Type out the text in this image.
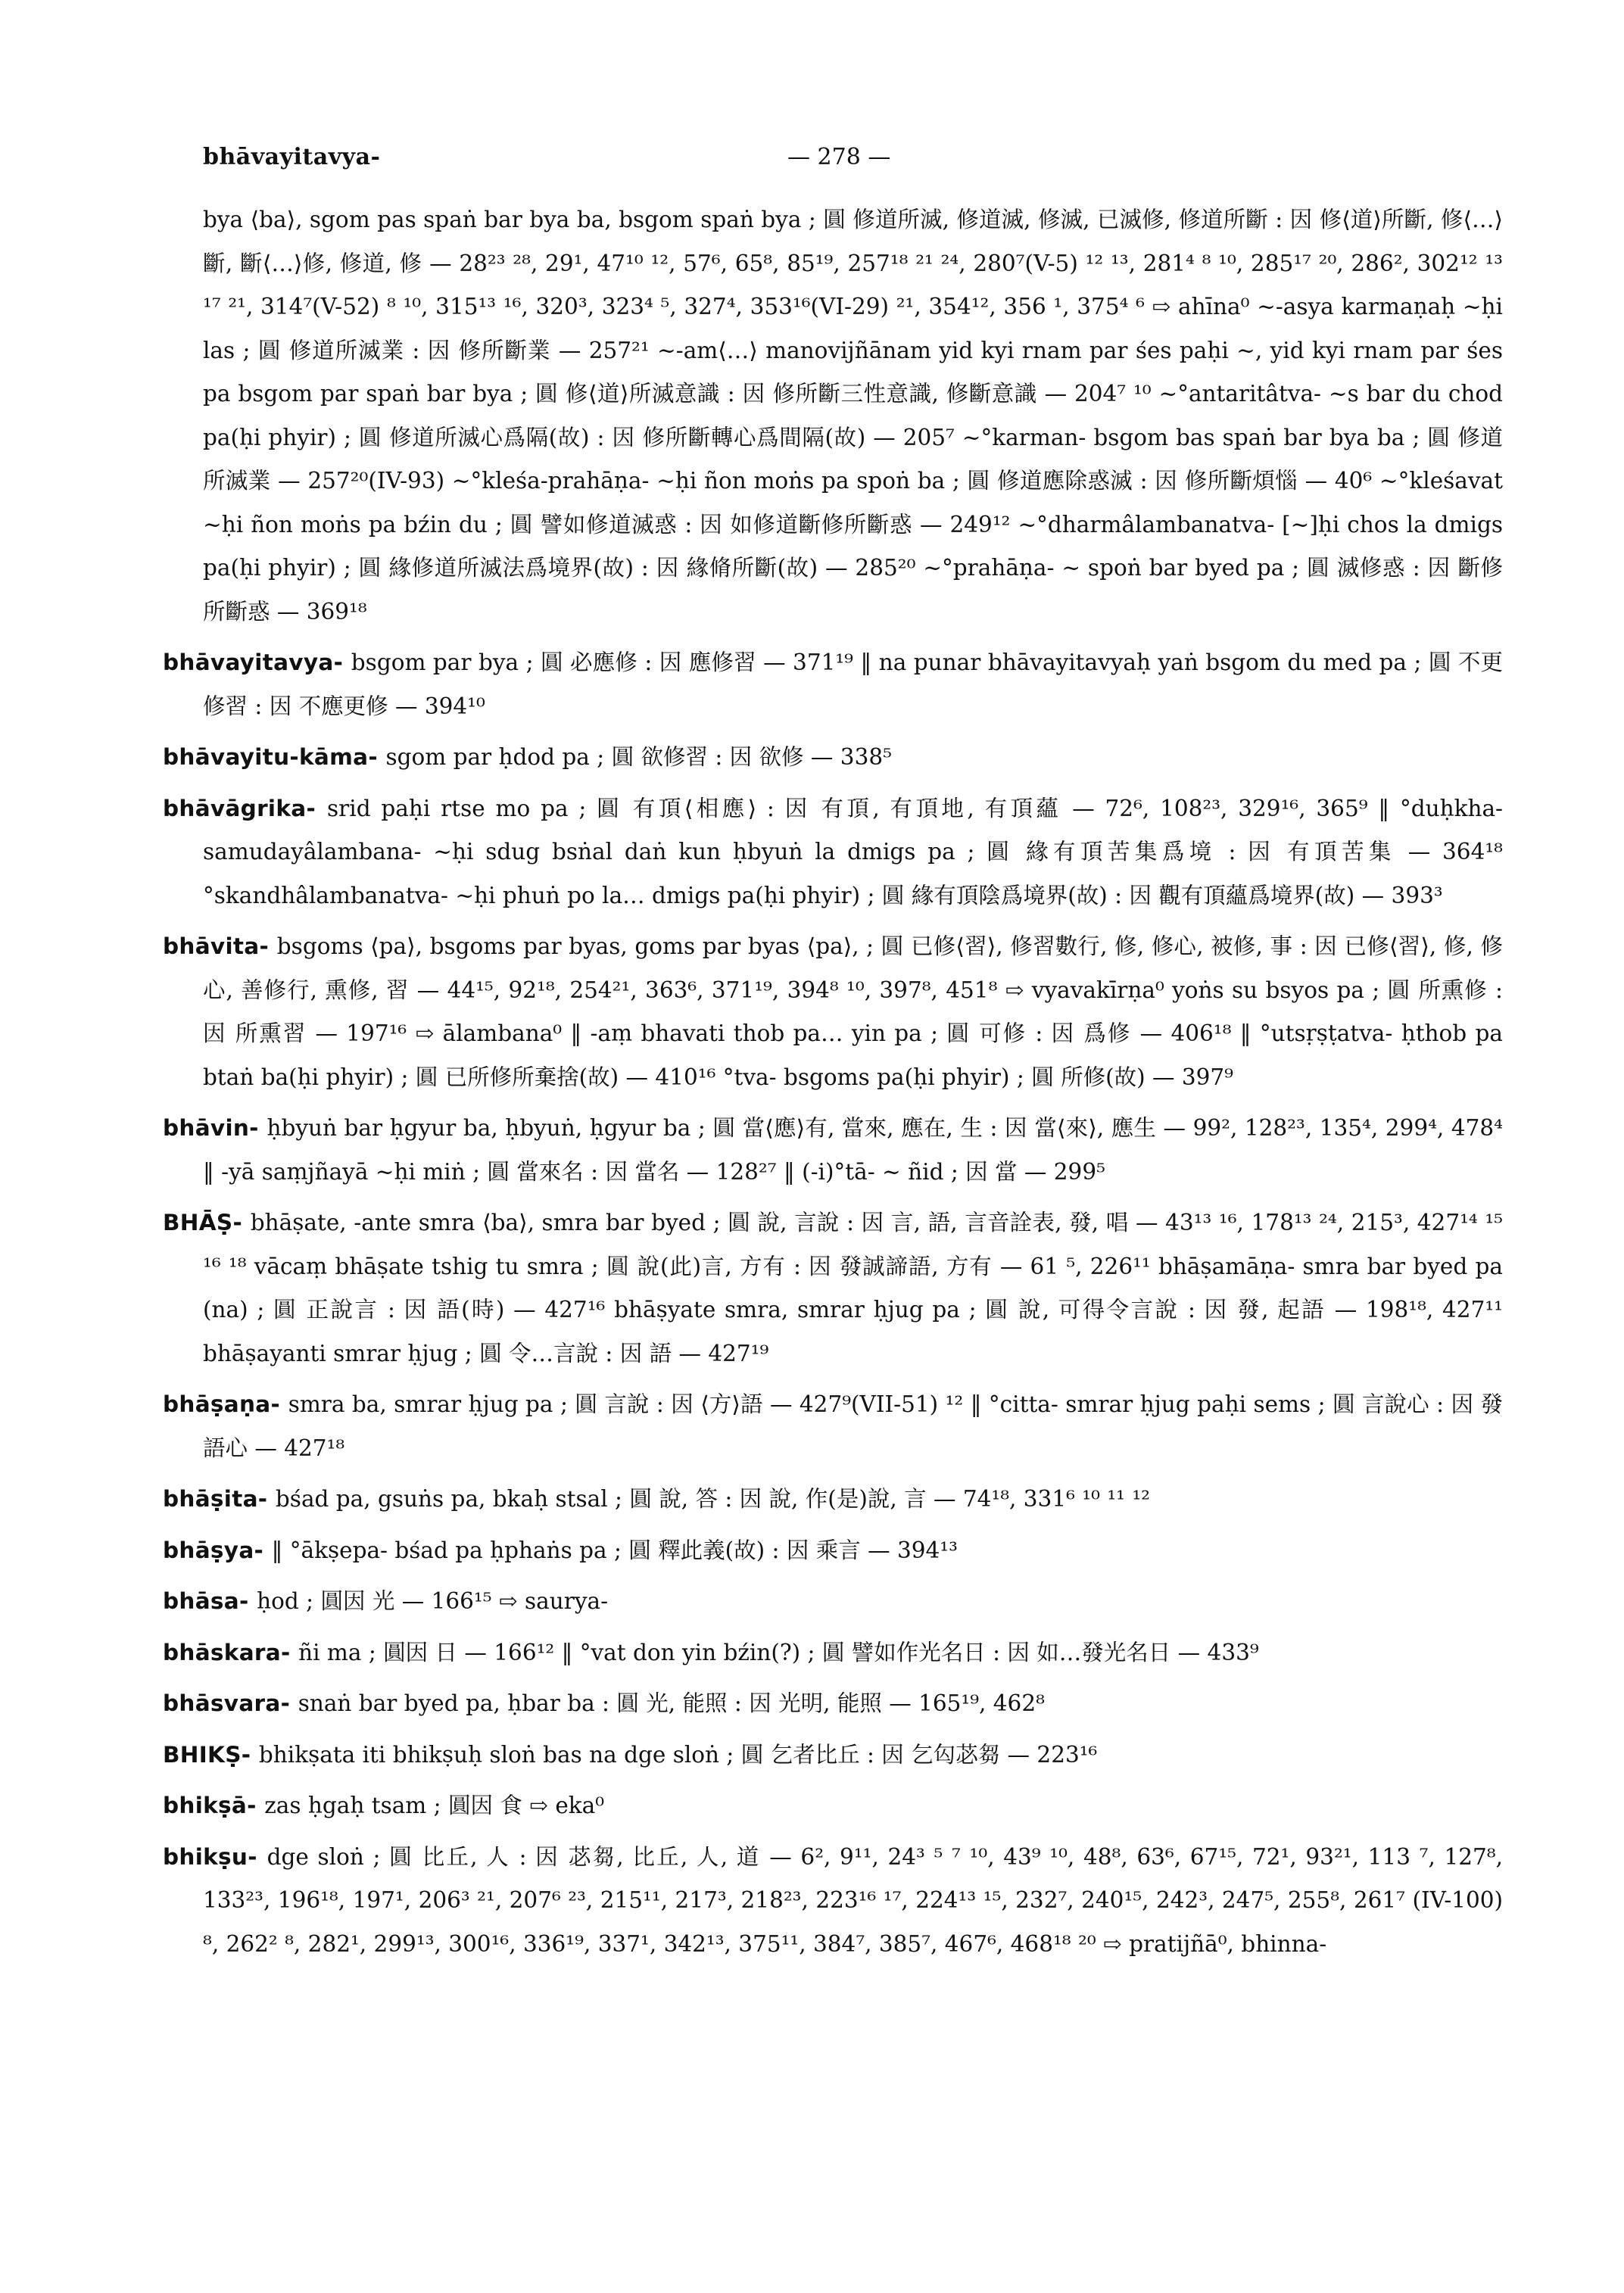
bhāvayitavya-	— 278 —

bya ⟨ba⟩, sgom pas spaṅ bar bya ba, bsgom spaṅ bya ; 圓 修道所滅, 修道滅, 修滅, 已滅修, 修道所斷 : 因 修⟨道⟩所斷, 修⟨…⟩斷, 斷⟨…⟩修, 修道, 修 — 28²³ ²⁸, 29¹, 47¹⁰ ¹², 57⁶, 65⁸, 85¹⁹, 257¹⁸ ²¹ ²⁴, 280⁷(V-5) ¹² ¹³, 281⁴ ⁸ ¹⁰, 285¹⁷ ²⁰, 286², 302¹² ¹³ ¹⁷ ²¹, 314⁷(V-52) ⁸ ¹⁰, 315¹³ ¹⁶, 320³, 323⁴ ⁵, 327⁴, 353¹⁶(VI-29) ²¹, 354¹², 356 ¹, 375⁴ ⁶ ⇨ ahīna⁰ ~-asya karmaṇaḥ ~ḥi las ; 圓 修道所滅業 : 因 修所斷業 — 257²¹ ~-am⟨…⟩ manovijñānam yid kyi rnam par śes paḥi ~, yid kyi rnam par śes pa bsgom par spaṅ bar bya ; 圓 修⟨道⟩所滅意識 : 因 修所斷三性意識, 修斷意識 — 204⁷ ¹⁰ ~°antaritâtva- ~s bar du chod pa(ḥi phyir) ; 圓 修道所滅心爲隔(故) : 因 修所斷轉心爲間隔(故) — 205⁷ ~°karman- bsgom bas spaṅ bar bya ba ; 圓 修道所滅業 — 257²⁰(IV-93) ~°kleśa-prahāṇa- ~ḥi ñon moṅs pa spoṅ ba ; 圓 修道應除惑滅 : 因 修所斷煩惱 — 40⁶ ~°kleśavat ~ḥi ñon moṅs pa bźin du ; 圓 譬如修道滅惑 : 因 如修道斷修所斷惑 — 249¹² ~°dharmâlambanatva- [~]ḥi chos la dmigs pa(ḥi phyir) ; 圓 緣修道所滅法爲境界(故) : 因 緣脩所斷(故) — 285²⁰ ~°prahāṇa- ~ spoṅ bar byed pa ; 圓 滅修惑 : 因 斷修所斷惑 — 369¹⁸

bhāvayitavya- bsgom par bya ; 圓 必應修 : 因 應修習 — 371¹⁹ ‖ na punar bhāvayitavyaḥ yaṅ bsgom du med pa ; 圓 不更修習 : 因 不應更修 — 394¹⁰

bhāvayitu-kāma- sgom par ḥdod pa ; 圓 欲修習 : 因 欲修 — 338⁵

bhāvāgrika- srid paḥi rtse mo pa ; 圓 有頂⟨相應⟩ : 因 有頂, 有頂地, 有頂蘊 — 72⁶, 108²³, 329¹⁶, 365⁹ ‖ °duḥkha-samudayâlambana- ~ḥi sdug bsṅal daṅ kun ḥbyuṅ la dmigs pa ; 圓 緣有頂苦集爲境 : 因 有頂苦集 — 364¹⁸ °skandhâlambanatva- ~ḥi phuṅ po la… dmigs pa(ḥi phyir) ; 圓 緣有頂陰爲境界(故) : 因 觀有頂蘊爲境界(故) — 393³

bhāvita- bsgoms ⟨pa⟩, bsgoms par byas, goms par byas ⟨pa⟩, ; 圓 已修⟨習⟩, 修習數行, 修, 修心, 被修, 事 : 因 已修⟨習⟩, 修, 修心, 善修行, 熏修, 習 — 44¹⁵, 92¹⁸, 254²¹, 363⁶, 371¹⁹, 394⁸ ¹⁰, 397⁸, 451⁸ ⇨ vyavakīrṇa⁰ yoṅs su bsyos pa ; 圓 所熏修 : 因 所熏習 — 197¹⁶ ⇨ ālambana⁰ ‖ -aṃ bhavati thob pa… yin pa ; 圓 可修 : 因 爲修 — 406¹⁸ ‖ °utsṛṣṭatva- ḥthob pa btaṅ ba(ḥi phyir) ; 圓 已所修所棄捨(故) — 410¹⁶ °tva- bsgoms pa(ḥi phyir) ; 圓 所修(故) — 397⁹

bhāvin- ḥbyuṅ bar ḥgyur ba, ḥbyuṅ, ḥgyur ba ; 圓 當⟨應⟩有, 當來, 應在, 生 : 因 當⟨來⟩, 應生 — 99², 128²³, 135⁴, 299⁴, 478⁴ ‖ -yā saṃjñayā ~ḥi miṅ ; 圓 當來名 : 因 當名 — 128²⁷ ‖ (-i)°tā- ~ ñid ; 因 當 — 299⁵

BHĀṢ- bhāṣate, -ante smra ⟨ba⟩, smra bar byed ; 圓 說, 言說 : 因 言, 語, 言音詮表, 發, 唱 — 43¹³ ¹⁶, 178¹³ ²⁴, 215³, 427¹⁴ ¹⁵ ¹⁶ ¹⁸ vācaṃ bhāṣate tshig tu smra ; 圓 說(此)言, 方有 : 因 發誠諦語, 方有 — 61 ⁵, 226¹¹ bhāṣamāṇa- smra bar byed pa (na) ; 圓 正說言 : 因 語(時) — 427¹⁶ bhāṣyate smra, smrar ḥjug pa ; 圓 說, 可得令言說 : 因 發, 起語 — 198¹⁸, 427¹¹ bhāṣayanti smrar ḥjug ; 圓 令…言說 : 因 語 — 427¹⁹

bhāṣaṇa- smra ba, smrar ḥjug pa ; 圓 言說 : 因 ⟨方⟩語 — 427⁹(VII-51) ¹² ‖ °citta- smrar ḥjug paḥi sems ; 圓 言說心 : 因 發語心 — 427¹⁸

bhāṣita- bśad pa, gsuṅs pa, bkaḥ stsal ; 圓 說, 答 : 因 說, 作(是)說, 言 — 74¹⁸, 331⁶ ¹⁰ ¹¹ ¹²

bhāṣya- ‖ °ākṣepa- bśad pa ḥphaṅs pa ; 圓 釋此義(故) : 因 乘言 — 394¹³

bhāsa- ḥod ; 圓因 光 — 166¹⁵ ⇨ saurya-

bhāskara- ñi ma ; 圓因 日 — 166¹² ‖ °vat don yin bźin(?) ; 圓 譬如作光名日 : 因 如…發光名日 — 433⁹

bhāsvara- snaṅ bar byed pa, ḥbar ba : 圓 光, 能照 : 因 光明, 能照 — 165¹⁹, 462⁸

BHIKṢ- bhikṣata iti bhikṣuḥ sloṅ bas na dge sloṅ ; 圓 乞者比丘 : 因 乞匃苾芻 — 223¹⁶

bhikṣā- zas ḥgaḥ tsam ; 圓因 食 ⇨ eka⁰

bhikṣu- dge sloṅ ; 圓 比丘, 人 : 因 苾芻, 比丘, 人, 道 — 6², 9¹¹, 24³ ⁵ ⁷ ¹⁰, 43⁹ ¹⁰, 48⁸, 63⁶, 67¹⁵, 72¹, 93²¹, 113 ⁷, 127⁸, 133²³, 196¹⁸, 197¹, 206³ ²¹, 207⁶ ²³, 215¹¹, 217³, 218²³, 223¹⁶ ¹⁷, 224¹³ ¹⁵, 232⁷, 240¹⁵, 242³, 247⁵, 255⁸, 261⁷ (IV-100) ⁸, 262² ⁸, 282¹, 299¹³, 300¹⁶, 336¹⁹, 337¹, 342¹³, 375¹¹, 384⁷, 385⁷, 467⁶, 468¹⁸ ²⁰ ⇨ pratijñā⁰, bhinna-
